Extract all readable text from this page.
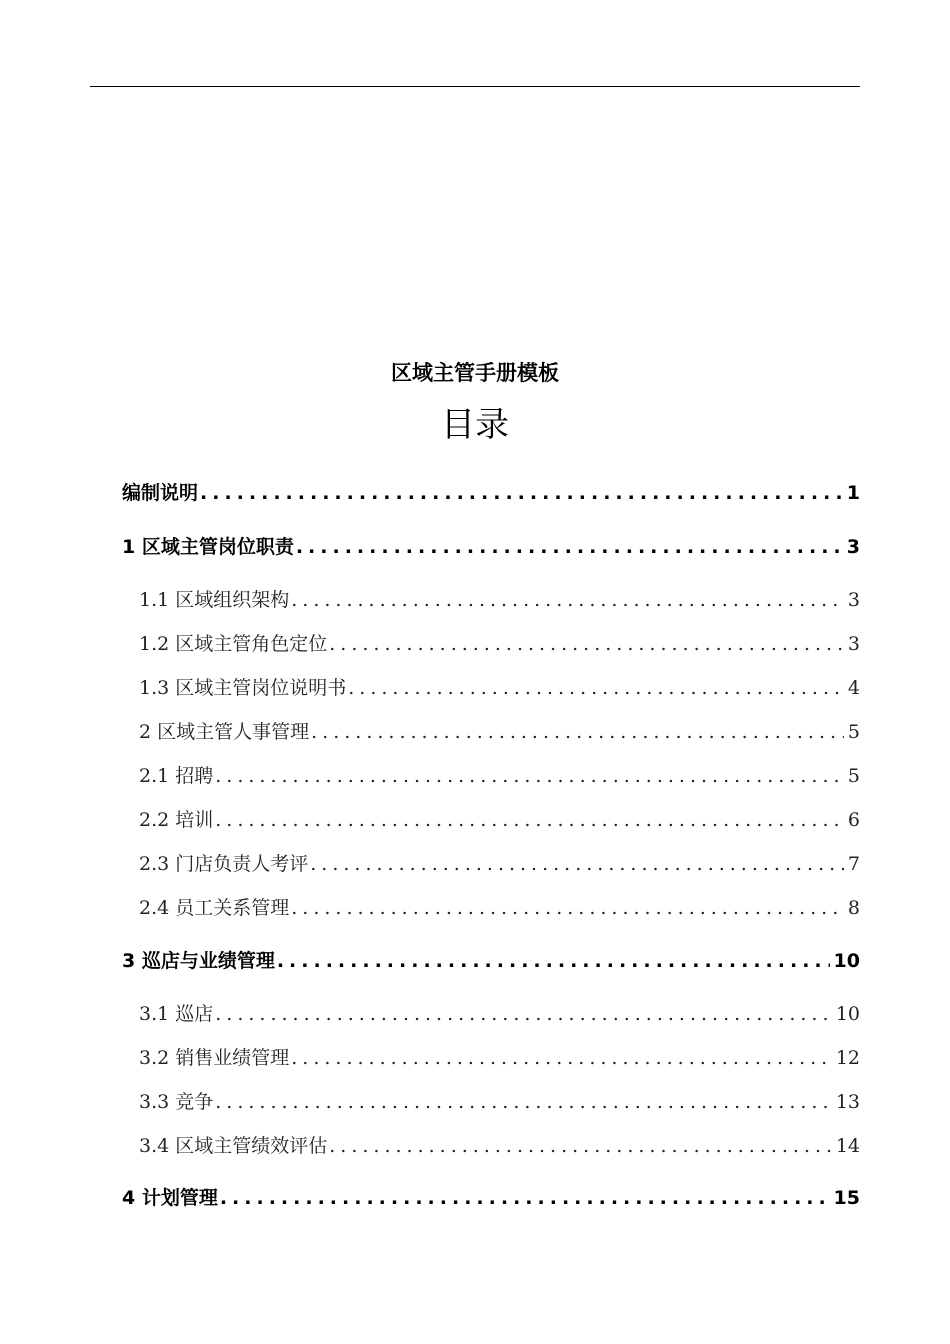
区域主管手册模板
目录
编制说明 .....	1
1 区域主管岗位职责 .....	3
1.1 区域组织架构 .....	3
1.2 区域主管角色定位 .....	3
1.3 区域主管岗位说明书 .....	4
2 区域主管人事管理 .....	5
2.1 招聘 .....	5
2.2 培训 .....	6
2.3 门店负责人考评 .....	7
2.4 员工关系管理 .....	8
3 巡店与业绩管理 .....	10
3.1 巡店 .....	10
3.2 销售业绩管理 .....	12
3.3 竞争 .....	13
3.4 区域主管绩效评估 .....	14
4 计划管理 .....	15
